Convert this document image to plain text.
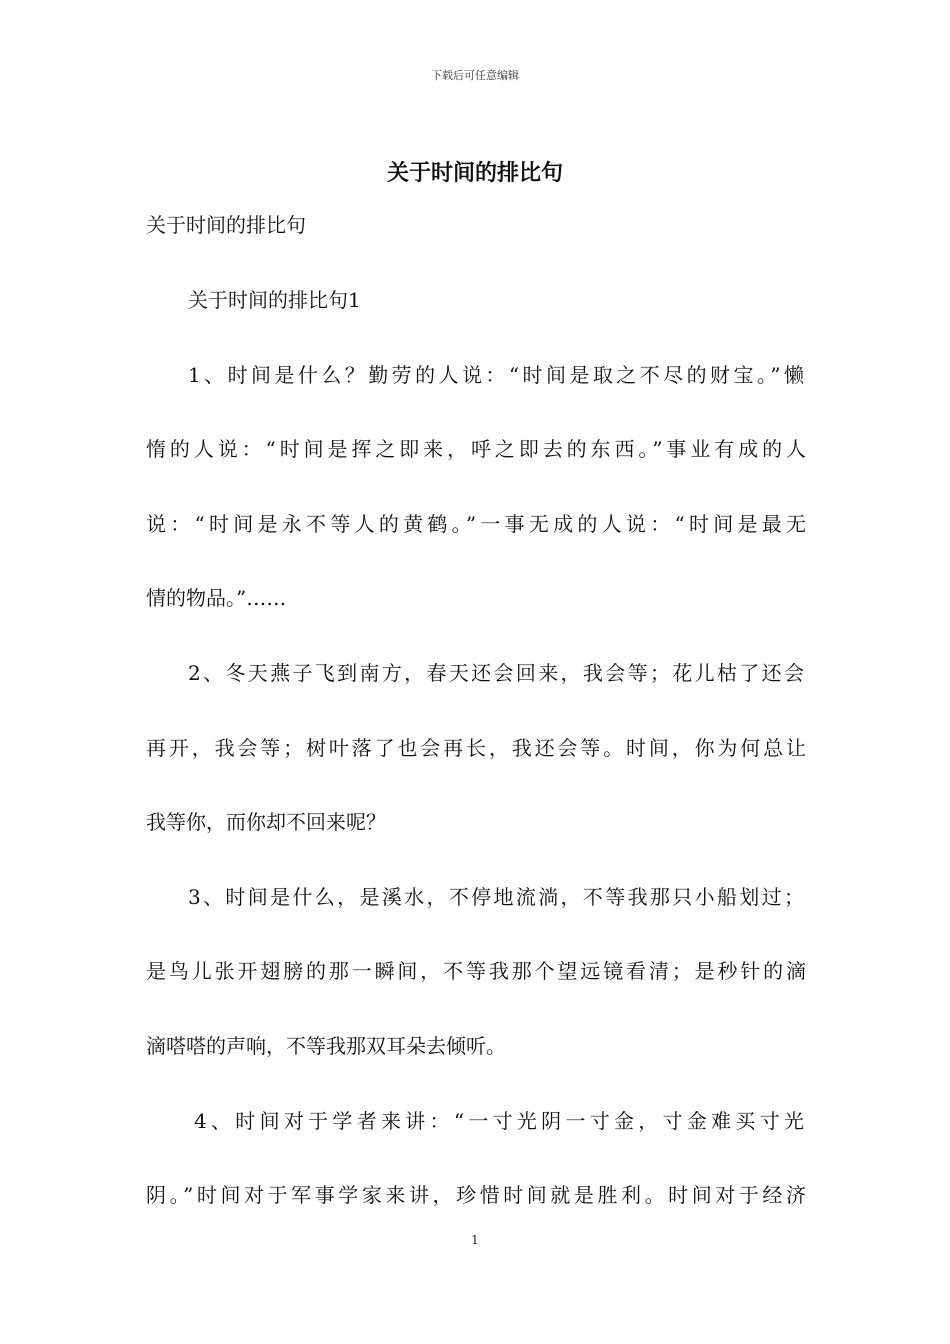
下载后可任意编辑
关于时间的排比句
关于时间的排比句
关于时间的排比句1
1、时间是什么？勤劳的人说：“时间是取之不尽的财宝。”懒
惰的人说：“时间是挥之即来，呼之即去的东西。”事业有成的人
说：“时间是永不等人的黄鹤。”一事无成的人说：“时间是最无
情的物品。”……
2、冬天燕子飞到南方，春天还会回来，我会等；花儿枯了还会
再开，我会等；树叶落了也会再长，我还会等。时间，你为何总让
我等你，而你却不回来呢？
3、时间是什么，是溪水，不停地流淌，不等我那只小船划过；
是鸟儿张开翅膀的那一瞬间，不等我那个望远镜看清；是秒针的滴
滴嗒嗒的声响，不等我那双耳朵去倾听。
4、时间对于学者来讲：“一寸光阴一寸金，寸金难买寸光
阴。”时间对于军事学家来讲，珍惜时间就是胜利。时间对于经济
1
